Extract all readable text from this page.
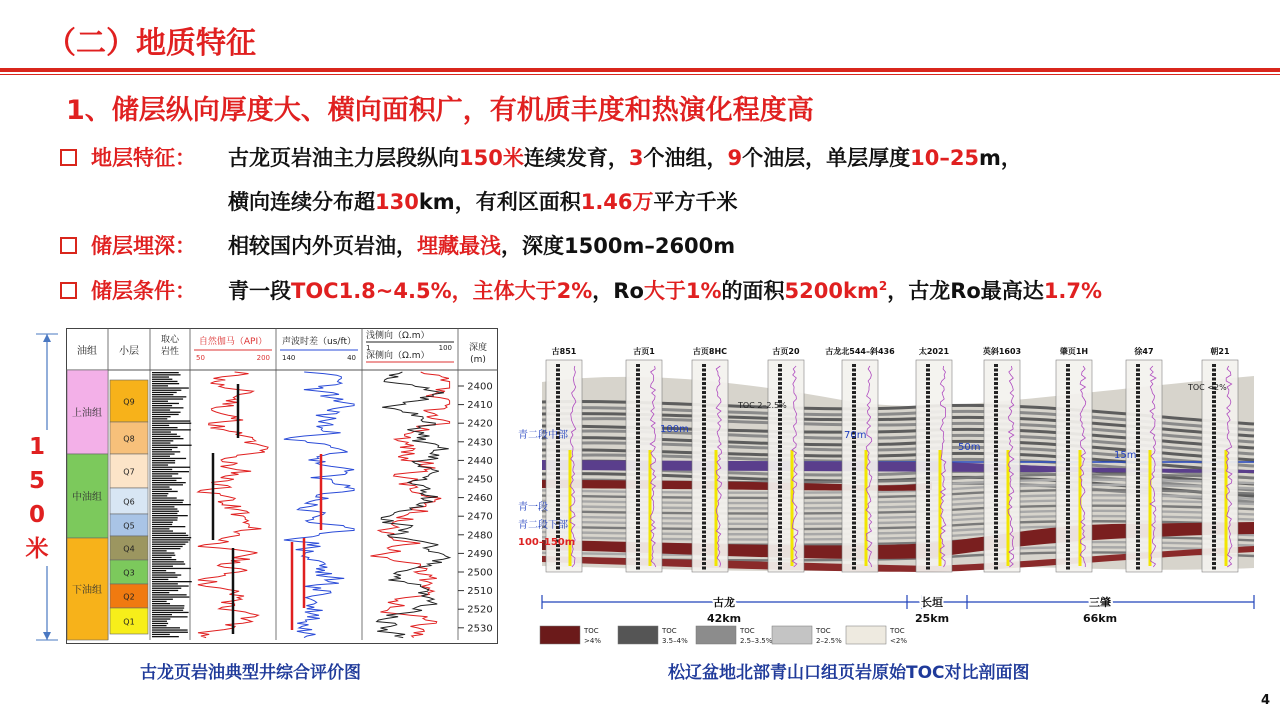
（二）地质特征
1、储层纵向厚度大、横向面积广，有机质丰度和热演化程度高
地层特征： 古龙页岩油主力层段纵向150米连续发育，3个油组，9个油层，单层厚度10–25m，
横向连续分布超130km，有利区面积1.46万平方千米
储层埋深： 相较国内外页岩油，埋藏最浅，深度1500m–2600m
储层条件： 青一段TOC1.8~4.5%，主体大于2%，Ro大于1%的面积$5200km^2$，古龙Ro最高达1.7%
1
5
0
米
油组 小层
取心
岩性
自然伽马（API）
50	200
声波时差（us/ft）
140	40
浅侧向（Ω.m）
1	100
深侧向（Ω.m）
深度
(m)
2400
2410
2420
2430
2440
2450
2460
2470
2480
2490
2500
2510
2520
2530
上油组
中油组
下油组
Q9
Q8
Q7
Q6
Q5
Q4
Q3
Q2
Q1
古851	古页1	古页8HC	古页20	古龙北544–斜436	太2021	英斜1603	肇页1H	徐47	朝21
青二段中部
100m
70m
50m
15m
青一段
青二段下部
100–150m
TOC 2–2.5%
TOC <2%
古龙
42km
长垣
25km
三肇
66km
TOC
>4%
TOC
3.5–4%
TOC
2.5–3.5%
TOC
2–2.5%
TOC
<2%
古龙页岩油典型井综合评价图	松辽盆地北部青山口组页岩原始TOC对比剖面图
4
